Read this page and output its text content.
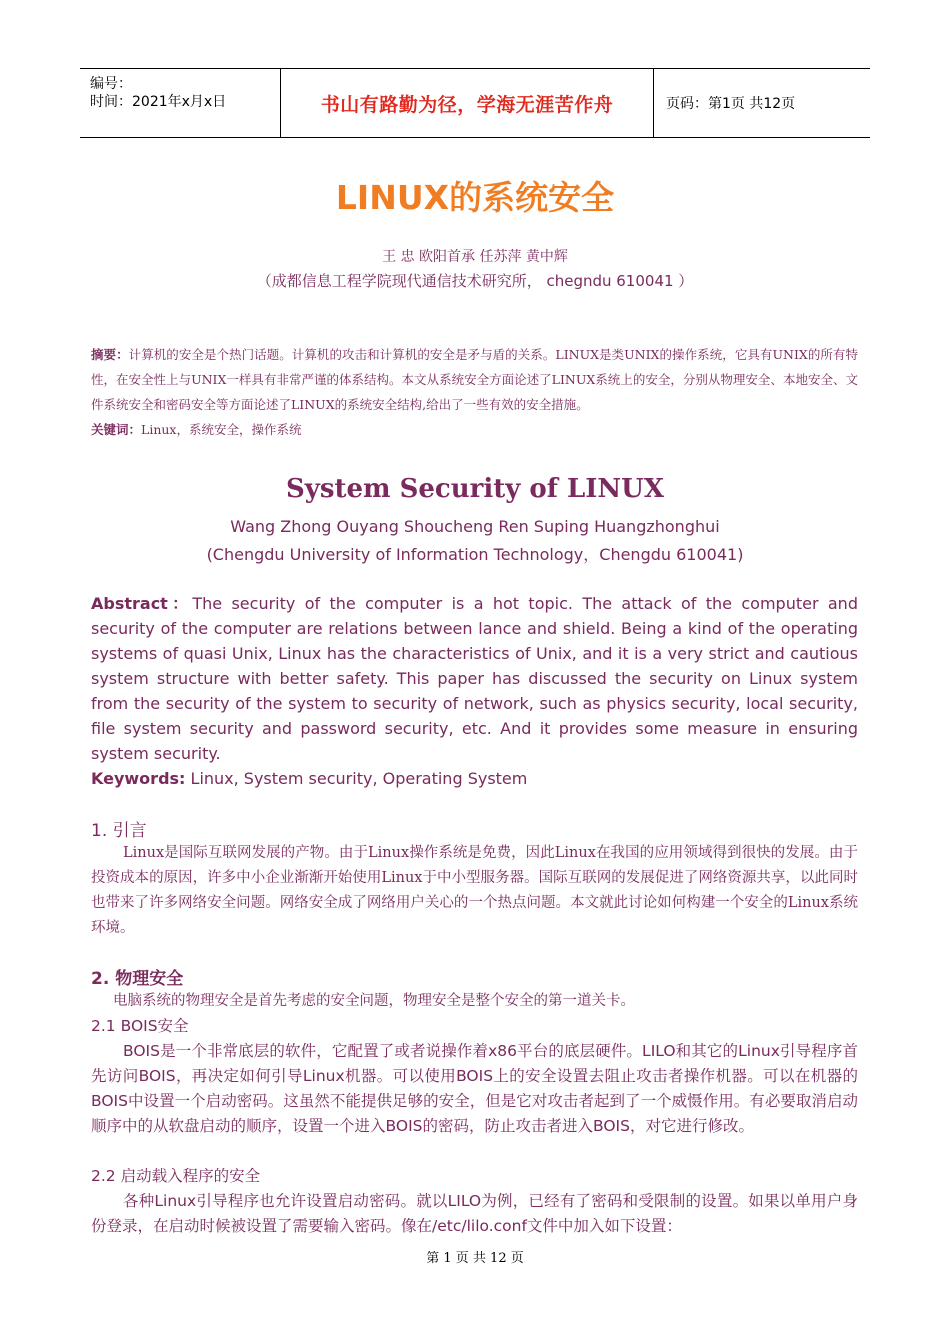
编号：
时间：2021年x月x日	书山有路勤为径，学海无涯苦作舟	页码：第1页 共12页
LINUX的系统安全
王 忠 欧阳首承 任苏萍 黄中辉
（成都信息工程学院现代通信技术研究所， chegndu 610041 ）
摘要：计算机的安全是个热门话题。计算机的攻击和计算机的安全是矛与盾的关系。LINUX是类UNIX的操作系统，它具有UNIX的所有特性，在安全性上与UNIX一样具有非常严谨的体系结构。本文从系统安全方面论述了LINUX系统上的安全，分别从物理安全、本地安全、文件系统安全和密码安全等方面论述了LINUX的系统安全结构,给出了一些有效的安全措施。
关键词：Linux，系统安全，操作系统
System Security of LINUX
Wang Zhong Ouyang Shoucheng Ren Suping Huangzhonghui
(Chengdu University of Information Technology，Chengdu 610041)
Abstract：The security of the computer is a hot topic. The attack of the computer and security of the computer are relations between lance and shield. Being a kind of the operating systems of quasi Unix, Linux has the characteristics of Unix, and it is a very strict and cautious system structure with better safety. This paper has discussed the security on Linux system from the security of the system to security of network, such as physics security, local security, file system security and password security, etc. And it provides some measure in ensuring system security.
Keywords: Linux, System security, Operating System
1. 引言
Linux是国际互联网发展的产物。由于Linux操作系统是免费，因此Linux在我国的应用领域得到很快的发展。由于投资成本的原因，许多中小企业渐渐开始使用Linux于中小型服务器。国际互联网的发展促进了网络资源共享，以此同时也带来了许多网络安全问题。网络安全成了网络用户关心的一个热点问题。本文就此讨论如何构建一个安全的Linux系统环境。
2. 物理安全
电脑系统的物理安全是首先考虑的安全问题，物理安全是整个安全的第一道关卡。
2.1 BOIS安全
BOIS是一个非常底层的软件，它配置了或者说操作着x86平台的底层硬件。LILO和其它的Linux引导程序首先访问BOIS，再决定如何引导Linux机器。可以使用BOIS上的安全设置去阻止攻击者操作机器。可以在机器的BOIS中设置一个启动密码。这虽然不能提供足够的安全，但是它对攻击者起到了一个威慑作用。有必要取消启动顺序中的从软盘启动的顺序，设置一个进入BOIS的密码，防止攻击者进入BOIS，对它进行修改。
2.2 启动载入程序的安全
各种Linux引导程序也允许设置启动密码。就以LILO为例，已经有了密码和受限制的设置。如果以单用户身份登录，在启动时候被设置了需要输入密码。像在/etc/lilo.conf文件中加入如下设置：
第 1 页 共 12 页
